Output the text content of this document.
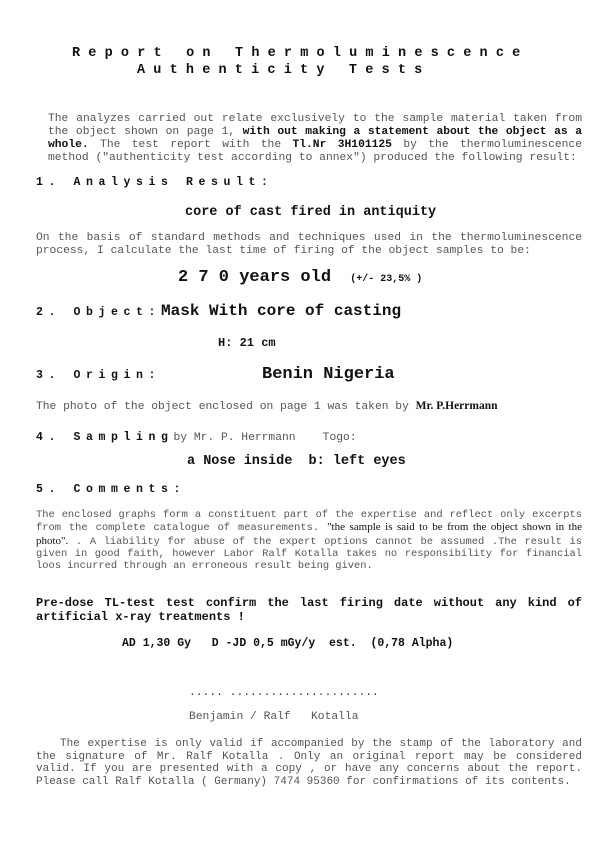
Report on Thermoluminescence
Authenticity Tests
The analyzes carried out relate exclusively to the sample material taken from the object shown on page 1, with out making a statement about the object as a whole. The test report with the Tl.Nr 3H101125 by the thermoluminescence method ("authenticity test according to annex") produced the following result:
1. Analysis Result:
core of cast fired in antiquity
On the basis of standard methods and techniques used in the thermoluminescence process, I calculate the last time of firing of the object samples to be:
2 7 0 years old (+/- 23,5% )
2. Object:Mask With core of casting
H: 21 cm
3. Origin:	Benin Nigeria
The photo of the object enclosed on page 1 was taken by Mr. P.Herrmann
4. Samplingby Mr. P. Herrmann    Togo:
a Nose inside  b: left eyes
5. Comments:
The enclosed graphs form a constituent part of the expertise and reflect only excerpts from the complete catalogue of measurements. "the sample is said to be from the object shown in the photo". . A liability for abuse of the expert options cannot be assumed .The result is given in good faith, however Labor Ralf Kotalla takes no responsibility for financial loos incurred through an erroneous result being given.
Pre-dose TL-test test confirm the last firing date without any kind of artificial x-ray treatments !
AD 1,30 Gy   D -JD 0,5 mGy/y  est.  (0,78 Alpha)
..... ......................
Benjamin / Ralf   Kotalla
The expertise is only valid if accompanied by the stamp of the laboratory and the signature of Mr. Ralf Kotalla . Only an original report may be considered valid. If you are presented with a copy , or have any concerns about the report. Please call Ralf Kotalla ( Germany) 7474 95360 for confirmations of its contents.
